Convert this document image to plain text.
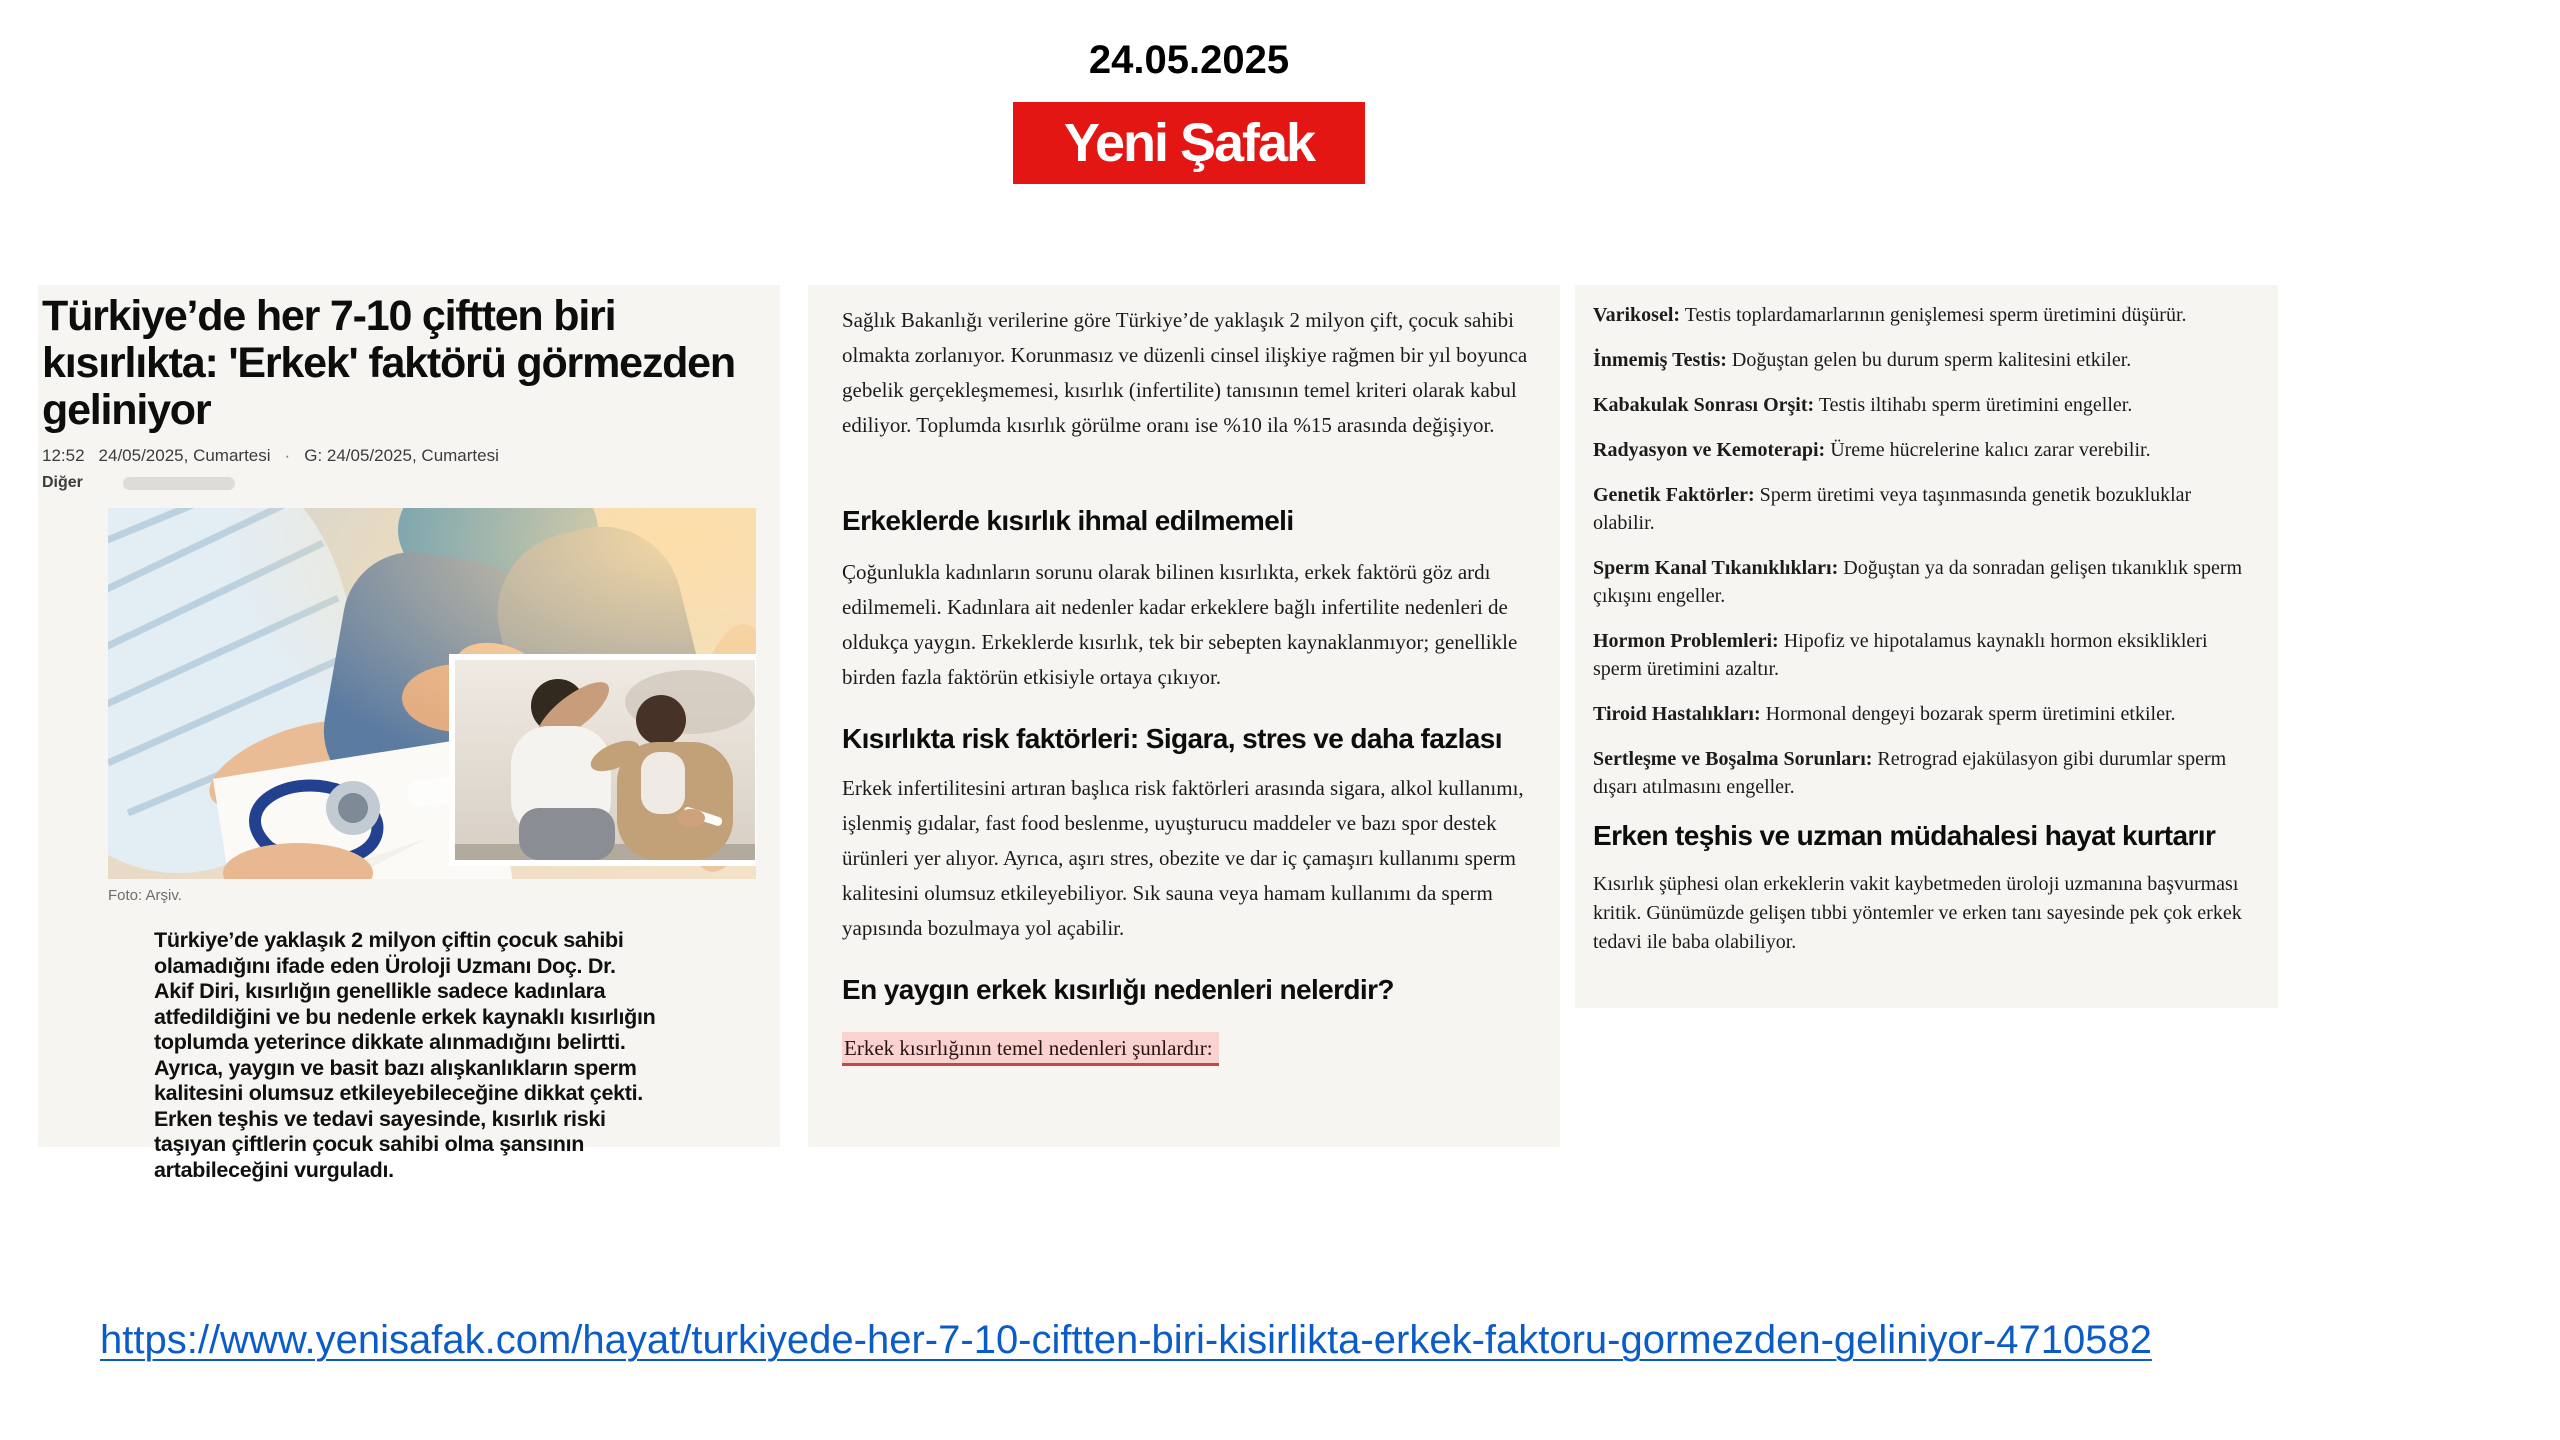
24.05.2025
Yeni Şafak
Türkiye’de her 7-10 çiftten biri kısırlıkta: 'Erkek' faktörü görmezden geliniyor
12:52 24/05/2025, Cumartesi · G: 24/05/2025, Cumartesi
Diğer
Foto: Arşiv.
Türkiye’de yaklaşık 2 milyon çiftin çocuk sahibi olamadığını ifade eden Üroloji Uzmanı Doç. Dr. Akif Diri, kısırlığın genellikle sadece kadınlara atfedildiğini ve bu nedenle erkek kaynaklı kısırlığın toplumda yeterince dikkate alınmadığını belirtti. Ayrıca, yaygın ve basit bazı alışkanlıkların sperm kalitesini olumsuz etkileyebileceğine dikkat çekti. Erken teşhis ve tedavi sayesinde, kısırlık riski taşıyan çiftlerin çocuk sahibi olma şansının artabileceğini vurguladı.

Sağlık Bakanlığı verilerine göre Türkiye’de yaklaşık 2 milyon çift, çocuk sahibi olmakta zorlanıyor. Korunmasız ve düzenli cinsel ilişkiye rağmen bir yıl boyunca gebelik gerçekleşmemesi, kısırlık (infertilite) tanısının temel kriteri olarak kabul ediliyor. Toplumda kısırlık görülme oranı ise %10 ila %15 arasında değişiyor.

Erkeklerde kısırlık ihmal edilmemeli

Çoğunlukla kadınların sorunu olarak bilinen kısırlıkta, erkek faktörü göz ardı edilmemeli. Kadınlara ait nedenler kadar erkeklere bağlı infertilite nedenleri de oldukça yaygın. Erkeklerde kısırlık, tek bir sebepten kaynaklanmıyor; genellikle birden fazla faktörün etkisiyle ortaya çıkıyor.

Kısırlıkta risk faktörleri: Sigara, stres ve daha fazlası

Erkek infertilitesini artıran başlıca risk faktörleri arasında sigara, alkol kullanımı, işlenmiş gıdalar, fast food beslenme, uyuşturucu maddeler ve bazı spor destek ürünleri yer alıyor. Ayrıca, aşırı stres, obezite ve dar iç çamaşırı kullanımı sperm kalitesini olumsuz etkileyebiliyor. Sık sauna veya hamam kullanımı da sperm yapısında bozulmaya yol açabilir.

En yaygın erkek kısırlığı nedenleri nelerdir?
Erkek kısırlığının temel nedenleri şunlardır:
Varikosel: Testis toplardamarlarının genişlemesi sperm üretimini düşürür.
İnmemiş Testis: Doğuştan gelen bu durum sperm kalitesini etkiler.
Kabakulak Sonrası Orşit: Testis iltihabı sperm üretimini engeller.
Radyasyon ve Kemoterapi: Üreme hücrelerine kalıcı zarar verebilir.
Genetik Faktörler: Sperm üretimi veya taşınmasında genetik bozukluklar olabilir.
Sperm Kanal Tıkanıklıkları: Doğuştan ya da sonradan gelişen tıkanıklık sperm çıkışını engeller.
Hormon Problemleri: Hipofiz ve hipotalamus kaynaklı hormon eksiklikleri sperm üretimini azaltır.
Tiroid Hastalıkları: Hormonal dengeyi bozarak sperm üretimini etkiler.
Sertleşme ve Boşalma Sorunları: Retrograd ejakülasyon gibi durumlar sperm dışarı atılmasını engeller.
Erken teşhis ve uzman müdahalesi hayat kurtarır

Kısırlık şüphesi olan erkeklerin vakit kaybetmeden üroloji uzmanına başvurması kritik. Günümüzde gelişen tıbbi yöntemler ve erken tanı sayesinde pek çok erkek tedavi ile baba olabiliyor.

https://www.yenisafak.com/hayat/turkiyede-her-7-10-ciftten-biri-kisirlikta-erkek-faktoru-gormezden-geliniyor-4710582
